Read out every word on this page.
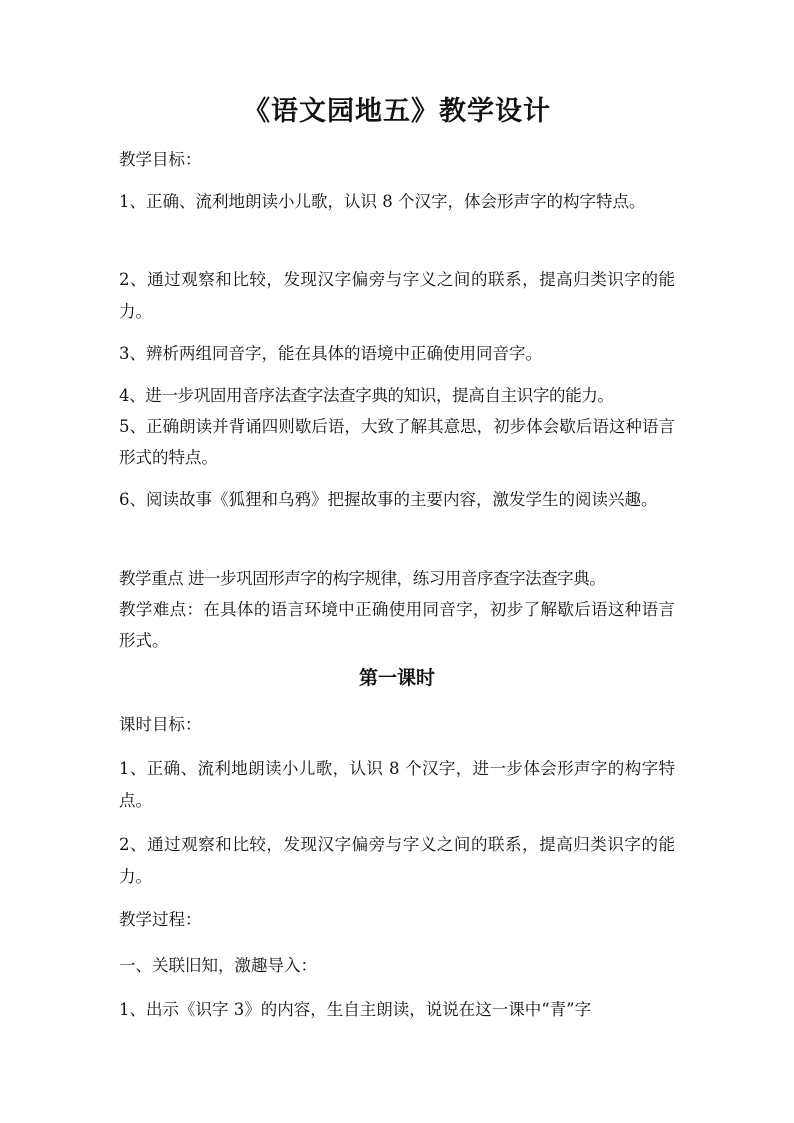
《语文园地五》教学设计
教学目标：
1、正确、流利地朗读小儿歌，认识 8 个汉字，体会形声字的构字特点。
2、通过观察和比较，发现汉字偏旁与字义之间的联系，提高归类识字的能力。
3、辨析两组同音字，能在具体的语境中正确使用同音字。
4、进一步巩固用音序法查字法查字典的知识，提高自主识字的能力。
5、正确朗读并背诵四则歇后语，大致了解其意思，初步体会歇后语这种语言形式的特点。
6、阅读故事《狐狸和乌鸦》把握故事的主要内容，激发学生的阅读兴趣。
教学重点 进一步巩固形声字的构字规律，练习用音序查字法查字典。
教学难点：在具体的语言环境中正确使用同音字，初步了解歇后语这种语言形式。
第一课时
课时目标：
1、正确、流利地朗读小儿歌，认识 8 个汉字，进一步体会形声字的构字特点。
2、通过观察和比较，发现汉字偏旁与字义之间的联系，提高归类识字的能力。
教学过程：
一、关联旧知，激趣导入：
1、出示《识字 3》的内容，生自主朗读，说说在这一课中“青”字
